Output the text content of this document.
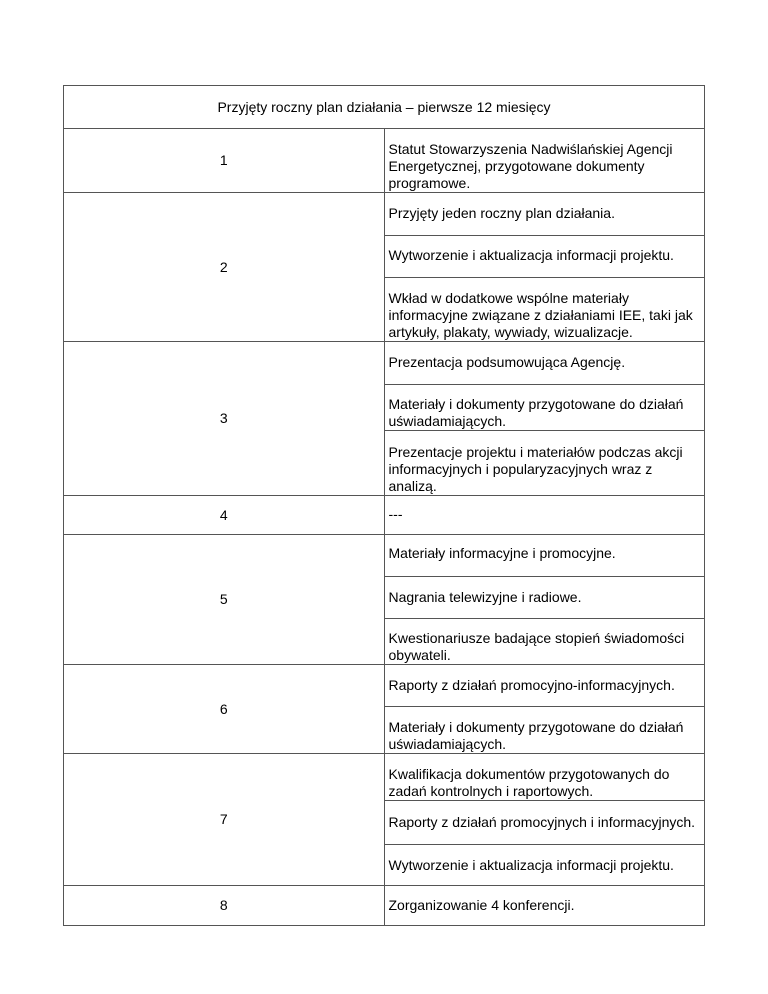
Przyjęty roczny plan działania – pierwsze 12 miesięcy	
1	Statut Stowarzyszenia Nadwiślańskiej Agencji Energetycznej, przygotowane dokumenty programowe.
2	Przyjęty jeden roczny plan działania.
	Wytworzenie i aktualizacja informacji projektu.
	Wkład w dodatkowe wspólne materiały informacyjne związane z działaniami IEE, taki jak artykuły, plakaty, wywiady, wizualizacje.
3	Prezentacja podsumowująca Agencję.
	Materiały i dokumenty przygotowane do działań uświadamiających.
	Prezentacje projektu i materiałów podczas akcji informacyjnych i popularyzacyjnych wraz z analizą.
4	---
5	Materiały informacyjne i promocyjne.
	Nagrania telewizyjne i radiowe.
	Kwestionariusze badające stopień świadomości obywateli.
6	Raporty z działań promocyjno-informacyjnych.
	Materiały i dokumenty przygotowane do działań uświadamiających.
7	Kwalifikacja dokumentów przygotowanych do zadań kontrolnych i raportowych.
	Raporty z działań promocyjnych i informacyjnych.
	Wytworzenie i aktualizacja informacji projektu.
8	Zorganizowanie 4 konferencji.
